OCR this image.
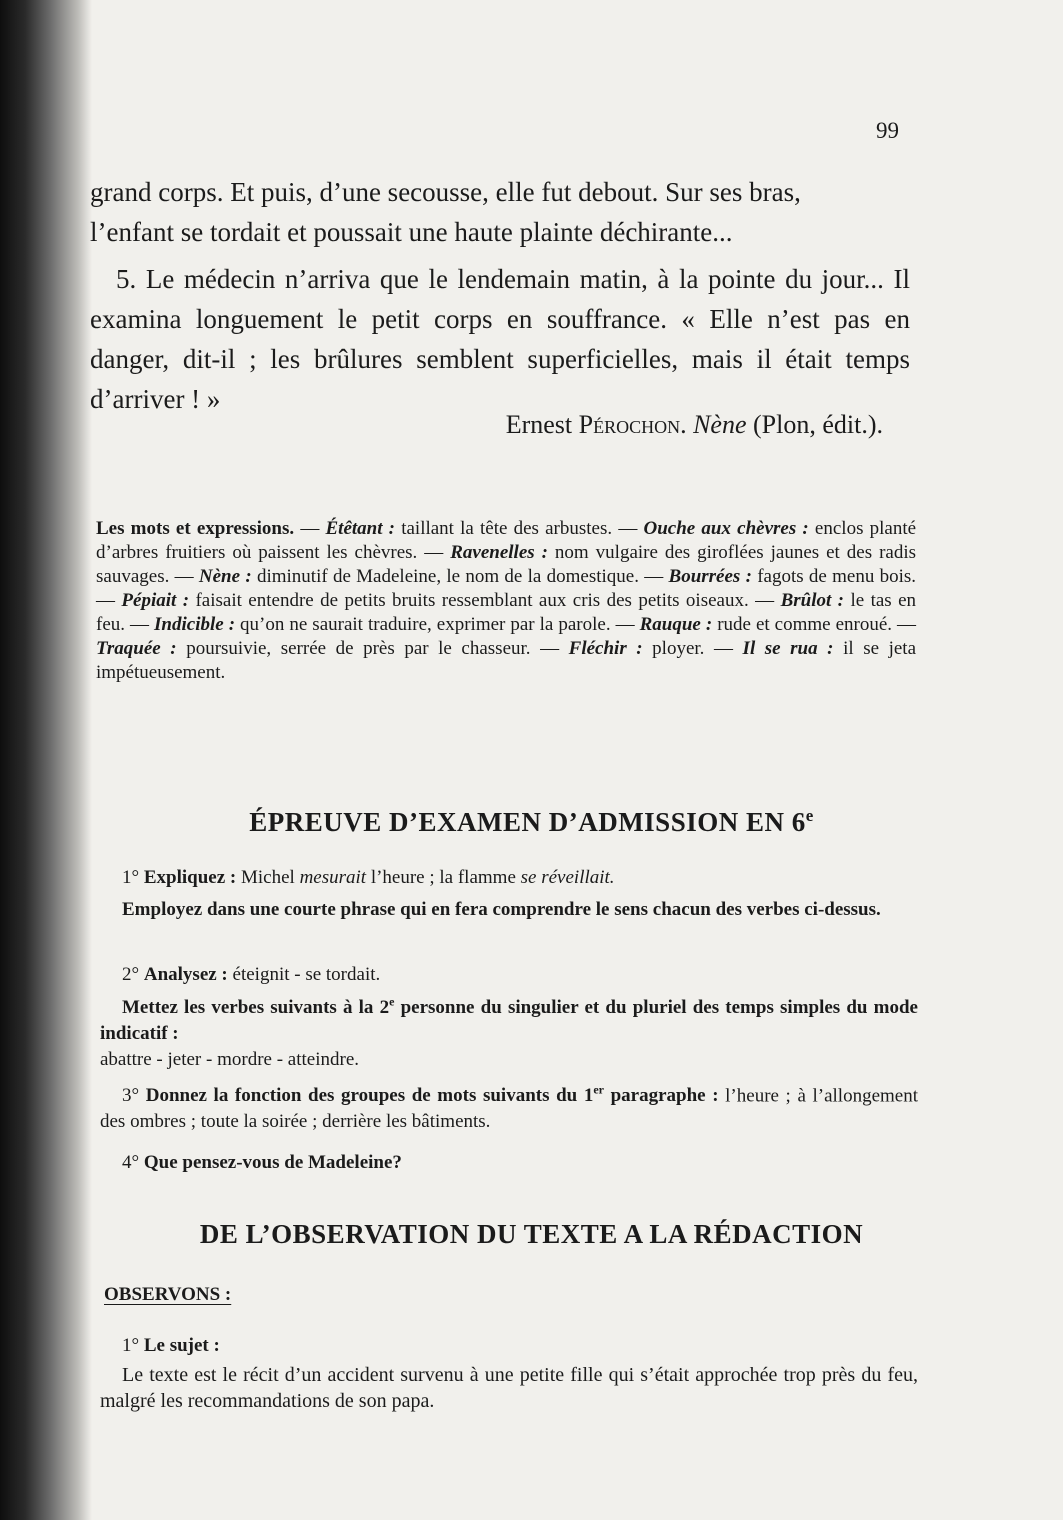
99

grand corps. Et puis, d’une secousse, elle fut debout. Sur ses bras,
l’enfant se tordait et poussait une haute plainte déchirante...

5. Le médecin n’arriva que le lendemain matin, à la pointe du jour... Il examina longuement le petit corps en souffrance. « Elle n’est pas en danger, dit-il ; les brûlures semblent superficielles, mais il était temps d’arriver ! »

Ernest Pérochon. Nène (Plon, édit.).

Les mots et expressions. — Étêtant : taillant la tête des arbustes. — Ouche aux chèvres : enclos planté d’arbres fruitiers où paissent les chèvres. — Ravenelles : nom vulgaire des giroflées jaunes et des radis sauvages. — Nène : diminutif de Madeleine, le nom de la domestique. — Bourrées : fagots de menu bois. — Pépiait : faisait entendre de petits bruits ressemblant aux cris des petits oiseaux. — Brûlot : le tas en feu. — Indicible : qu’on ne saurait traduire, exprimer par la parole. — Rauque : rude et comme enroué. — Traquée : poursuivie, serrée de près par le chasseur. — Fléchir : ployer. — Il se rua : il se jeta impétueusement.

ÉPREUVE D’EXAMEN D’ADMISSION EN 6e

1° Expliquez : Michel mesurait l’heure ; la flamme se réveillait.

Employez dans une courte phrase qui en fera comprendre le sens chacun des verbes ci-dessus.

2° Analysez : éteignit - se tordait.

Mettez les verbes suivants à la 2e personne du singulier et du pluriel des temps simples du mode indicatif :
abattre - jeter - mordre - atteindre.

3° Donnez la fonction des groupes de mots suivants du 1er paragraphe : l’heure ; à l’allongement des ombres ; toute la soirée ; derrière les bâtiments.

4° Que pensez-vous de Madeleine?

DE L’OBSERVATION DU TEXTE A LA RÉDACTION

OBSERVONS :

1° Le sujet :

Le texte est le récit d’un accident survenu à une petite fille qui s’était approchée trop près du feu, malgré les recommandations de son papa.
